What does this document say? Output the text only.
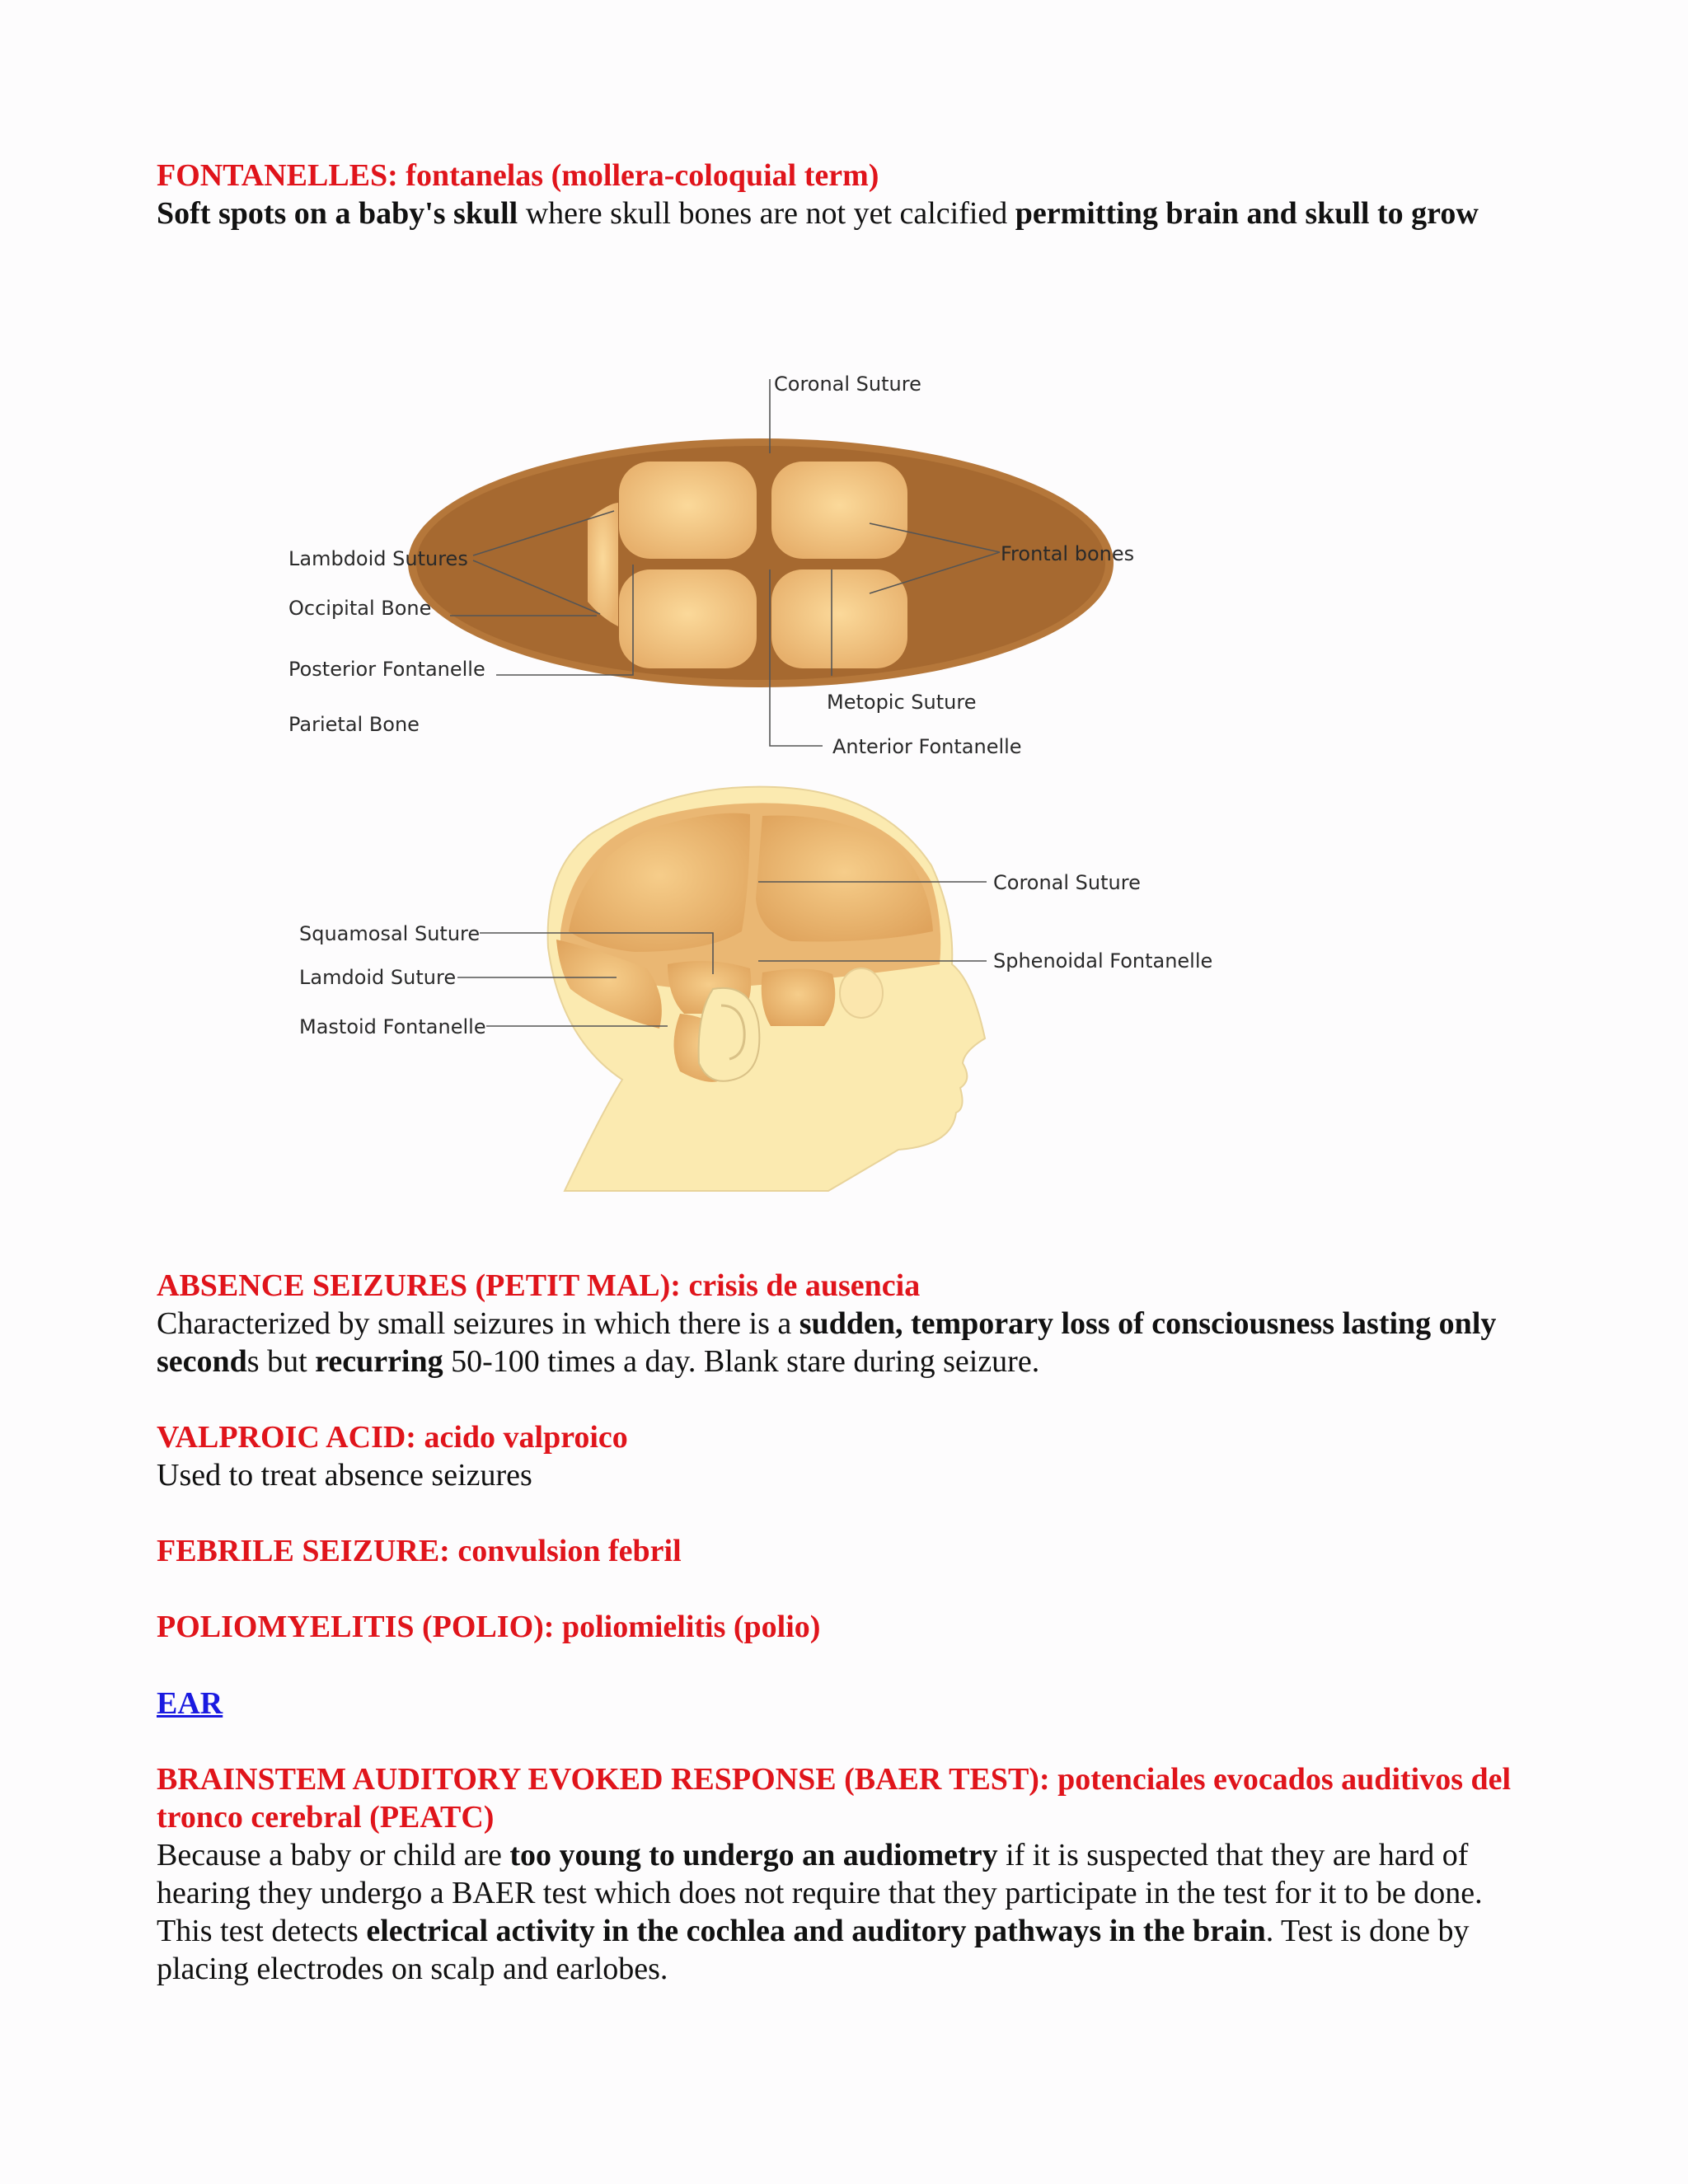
FONTANELLES: fontanelas (mollera-coloquial term)
Soft spots on a baby's skull where skull bones are not yet calcified permitting brain and skull to grow
Coronal Suture
Lambdoid Sutures
Occipital Bone
Posterior Fontanelle
Parietal Bone
Frontal bones
Metopic Suture
Anterior Fontanelle
Coronal Suture
Squamosal Suture
Lamdoid Suture
Mastoid Fontanelle
Sphenoidal Fontanelle
ABSENCE SEIZURES (PETIT MAL): crisis de ausencia
Characterized by small seizures in which there is a sudden, temporary loss of consciousness lasting only seconds but recurring 50-100 times a day. Blank stare during seizure.
VALPROIC ACID: acido valproico
Used to treat absence seizures
FEBRILE SEIZURE: convulsion febril
POLIOMYELITIS (POLIO): poliomielitis (polio)
EAR
BRAINSTEM AUDITORY EVOKED RESPONSE (BAER TEST): potenciales evocados auditivos del tronco cerebral (PEATC)
Because a baby or child are too young to undergo an audiometry if it is suspected that they are hard of hearing they undergo a BAER test which does not require that they participate in the test for it to be done. This test detects electrical activity in the cochlea and auditory pathways in the brain. Test is done by placing electrodes on scalp and earlobes.
